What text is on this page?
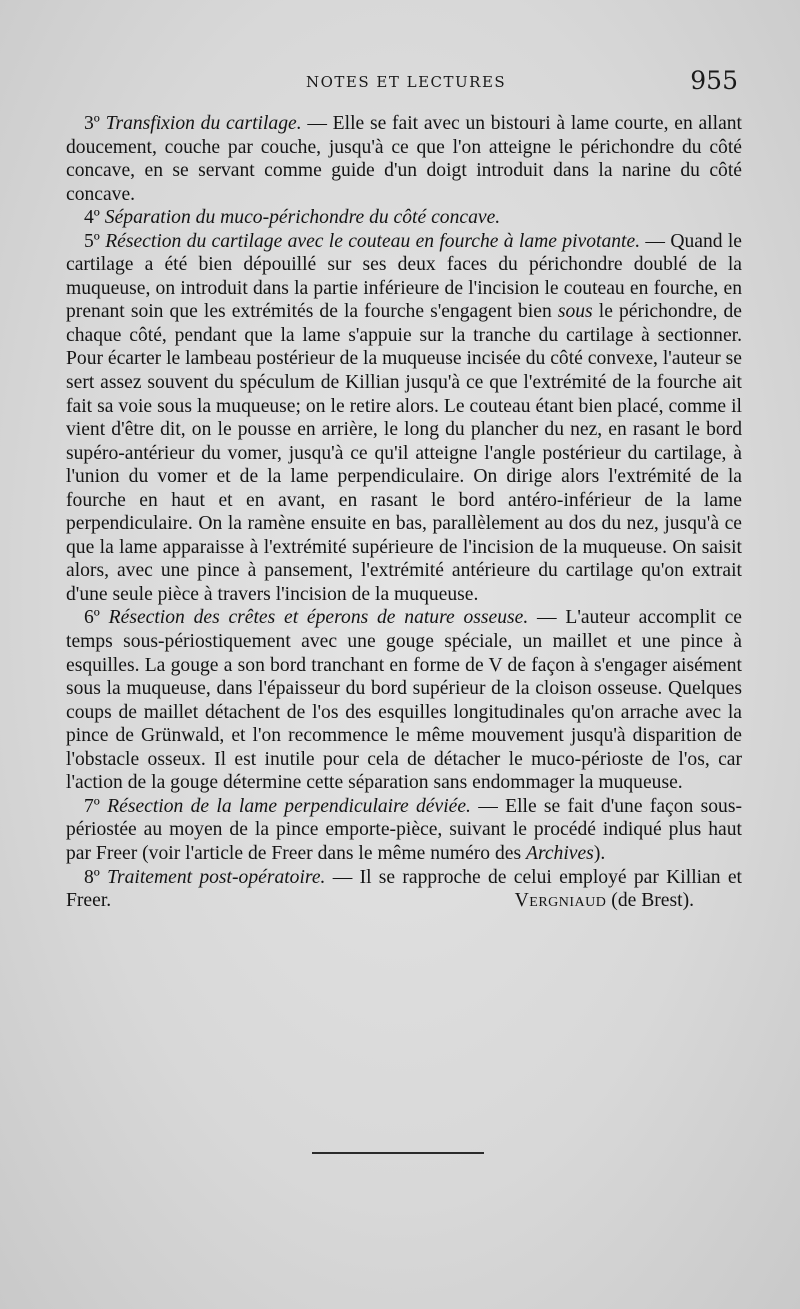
NOTES ET LECTURES	955

3º Transfixion du cartilage. — Elle se fait avec un bistouri à lame courte, en allant doucement, couche par couche, jusqu'à ce que l'on atteigne le périchondre du côté concave, en se servant comme guide d'un doigt introduit dans la narine du côté concave.

4º Séparation du muco-périchondre du côté concave.

5º Résection du cartilage avec le couteau en fourche à lame pivotante. — Quand le cartilage a été bien dépouillé sur ses deux faces du périchondre doublé de la muqueuse, on introduit dans la partie inférieure de l'incision le couteau en fourche, en prenant soin que les extrémités de la fourche s'engagent bien sous le périchondre, de chaque côté, pendant que la lame s'appuie sur la tranche du cartilage à sectionner. Pour écarter le lambeau postérieur de la muqueuse incisée du côté convexe, l'auteur se sert assez souvent du spéculum de Killian jusqu'à ce que l'extrémité de la fourche ait fait sa voie sous la muqueuse; on le retire alors. Le couteau étant bien placé, comme il vient d'être dit, on le pousse en arrière, le long du plancher du nez, en rasant le bord supéro-antérieur du vomer, jusqu'à ce qu'il atteigne l'angle postérieur du cartilage, à l'union du vomer et de la lame perpendiculaire. On dirige alors l'extrémité de la fourche en haut et en avant, en rasant le bord antéro-inférieur de la lame perpendiculaire. On la ramène ensuite en bas, parallèlement au dos du nez, jusqu'à ce que la lame apparaisse à l'extrémité supérieure de l'incision de la muqueuse. On saisit alors, avec une pince à pansement, l'extrémité antérieure du cartilage qu'on extrait d'une seule pièce à travers l'incision de la muqueuse.

6º Résection des crêtes et éperons de nature osseuse. — L'auteur accomplit ce temps sous-périostiquement avec une gouge spéciale, un maillet et une pince à esquilles. La gouge a son bord tranchant en forme de V de façon à s'engager aisément sous la muqueuse, dans l'épaisseur du bord supérieur de la cloison osseuse. Quelques coups de maillet détachent de l'os des esquilles longitudinales qu'on arrache avec la pince de Grünwald, et l'on recommence le même mouvement jusqu'à disparition de l'obstacle osseux. Il est inutile pour cela de détacher le muco-périoste de l'os, car l'action de la gouge détermine cette séparation sans endommager la muqueuse.

7º Résection de la lame perpendiculaire déviée. — Elle se fait d'une façon sous-périostée au moyen de la pince emporte-pièce, suivant le procédé indiqué plus haut par Freer (voir l'article de Freer dans le même numéro des Archives).

8º Traitement post-opératoire. — Il se rapproche de celui employé par Killian et Freer.	Vergniaud (de Brest).
